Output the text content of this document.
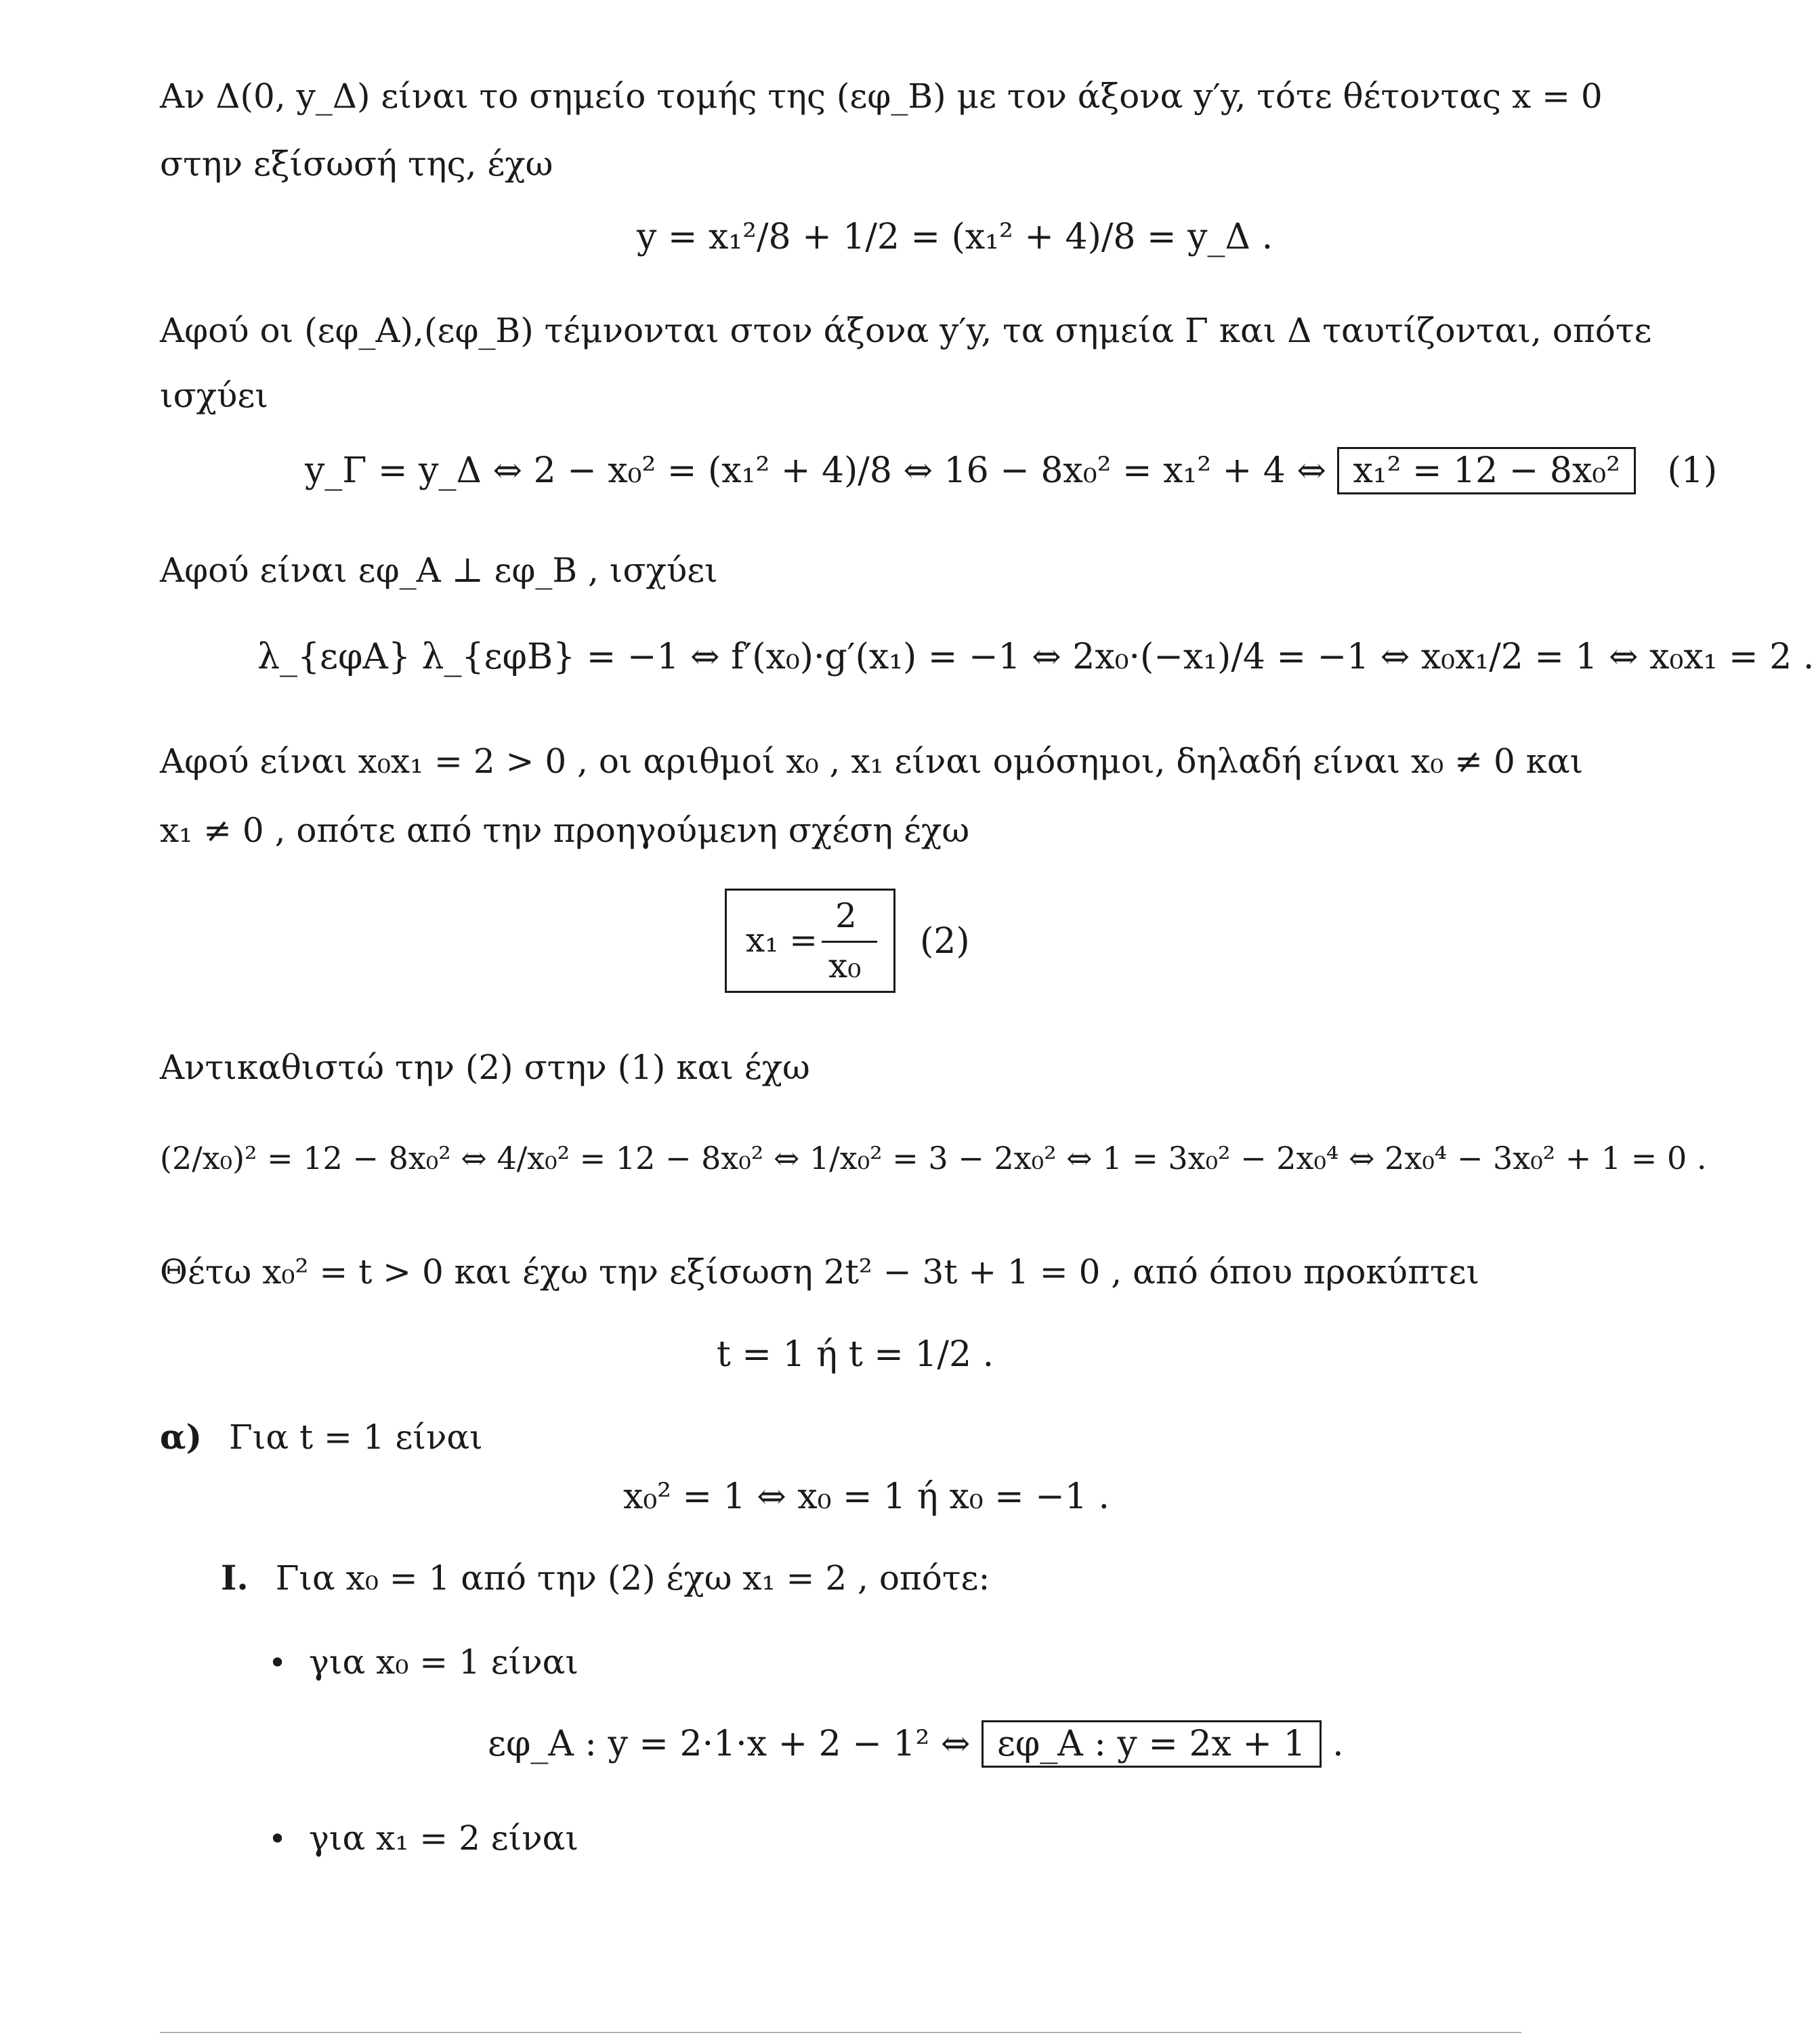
Αν Δ(0, y_Δ) είναι το σημείο τομής της (εφ_B) με τον άξονα y′y, τότε θέτοντας x = 0
στην εξίσωσή της, έχω
y = x₁²/8 + 1/2 = (x₁² + 4)/8 = y_Δ .
Αφού οι (εφ_A),(εφ_B) τέμνονται στον άξονα y′y, τα σημεία Γ και Δ ταυτίζονται, οπότε
ισχύει
y_Γ = y_Δ ⇔ 2 − x₀² = (x₁² + 4)/8 ⇔ 16 − 8x₀² = x₁² + 4 ⇔ x₁² = 12 − 8x₀² (1)
Αφού είναι εφ_A ⊥ εφ_B , ισχύει
λ_{εφA} λ_{εφB} = −1 ⇔ f′(x₀)·g′(x₁) = −1 ⇔ 2x₀·(−x₁)/4 = −1 ⇔ x₀x₁/2 = 1 ⇔ x₀x₁ = 2 .
Αφού είναι x₀x₁ = 2 > 0 , οι αριθμοί x₀ , x₁ είναι ομόσημοι, δηλαδή είναι x₀ ≠ 0 και
x₁ ≠ 0 , οπότε από την προηγούμενη σχέση έχω
x₁ =
2
x₀
(2)
Αντικαθιστώ την (2) στην (1) και έχω
(2/x₀)² = 12 − 8x₀² ⇔ 4/x₀² = 12 − 8x₀² ⇔ 1/x₀² = 3 − 2x₀² ⇔ 1 = 3x₀² − 2x₀⁴ ⇔ 2x₀⁴ − 3x₀² + 1 = 0 .
Θέτω x₀² = t > 0 και έχω την εξίσωση 2t² − 3t + 1 = 0 , από όπου προκύπτει
t = 1 ή t = 1/2 .
α) Για t = 1 είναι
x₀² = 1 ⇔ x₀ = 1 ή x₀ = −1 .
I. Για x₀ = 1 από την (2) έχω x₁ = 2 , οπότε:
• για x₀ = 1 είναι
εφ_A : y = 2·1·x + 2 − 1² ⇔ εφ_A : y = 2x + 1 .
• για x₁ = 2 είναι
